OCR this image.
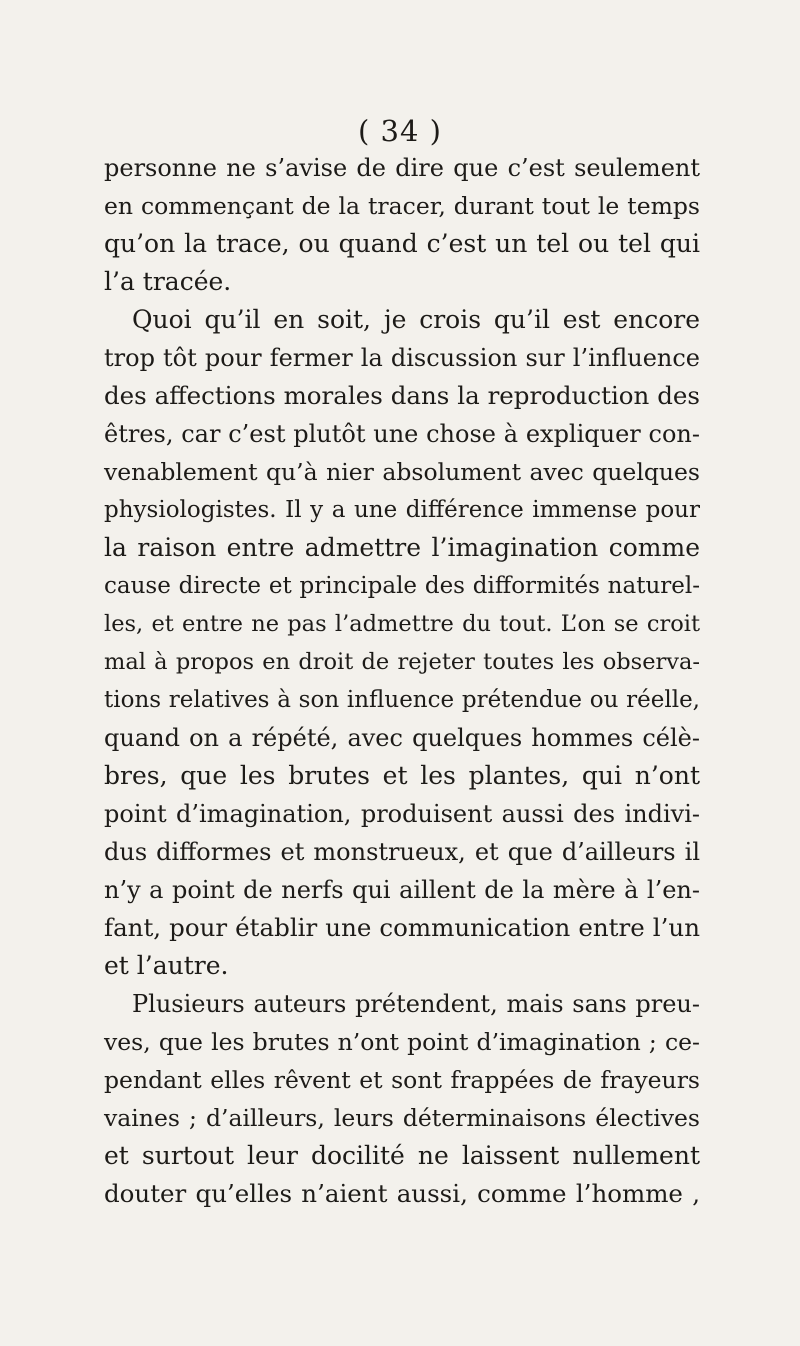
( 34 )
personne ne s’avise de dire que c’est seulement
en commençant de la tracer, durant tout le temps
qu’on la trace, ou quand c’est un tel ou tel qui
l’a tracée.
Quoi qu’il en soit, je crois qu’il est encore
trop tôt pour fermer la discussion sur l’influence
des affections morales dans la reproduction des
êtres, car c’est plutôt une chose à expliquer con-
venablement qu’à nier absolument avec quelques
physiologistes. Il y a une différence immense pour
la raison entre admettre l’imagination comme
cause directe et principale des difformités naturel-
les, et entre ne pas l’admettre du tout. L’on se croit
mal à propos en droit de rejeter toutes les observa-
tions relatives à son influence prétendue ou réelle,
quand on a répété, avec quelques hommes célè-
bres, que les brutes et les plantes, qui n’ont
point d’imagination, produisent aussi des indivi-
dus difformes et monstrueux, et que d’ailleurs il
n’y a point de nerfs qui aillent de la mère à l’en-
fant, pour établir une communication entre l’un
et l’autre.
Plusieurs auteurs prétendent, mais sans preu-
ves, que les brutes n’ont point d’imagination ; ce-
pendant elles rêvent et sont frappées de frayeurs
vaines ; d’ailleurs, leurs déterminaisons électives
et surtout leur docilité ne laissent nullement
douter qu’elles n’aient aussi, comme l’homme ,
